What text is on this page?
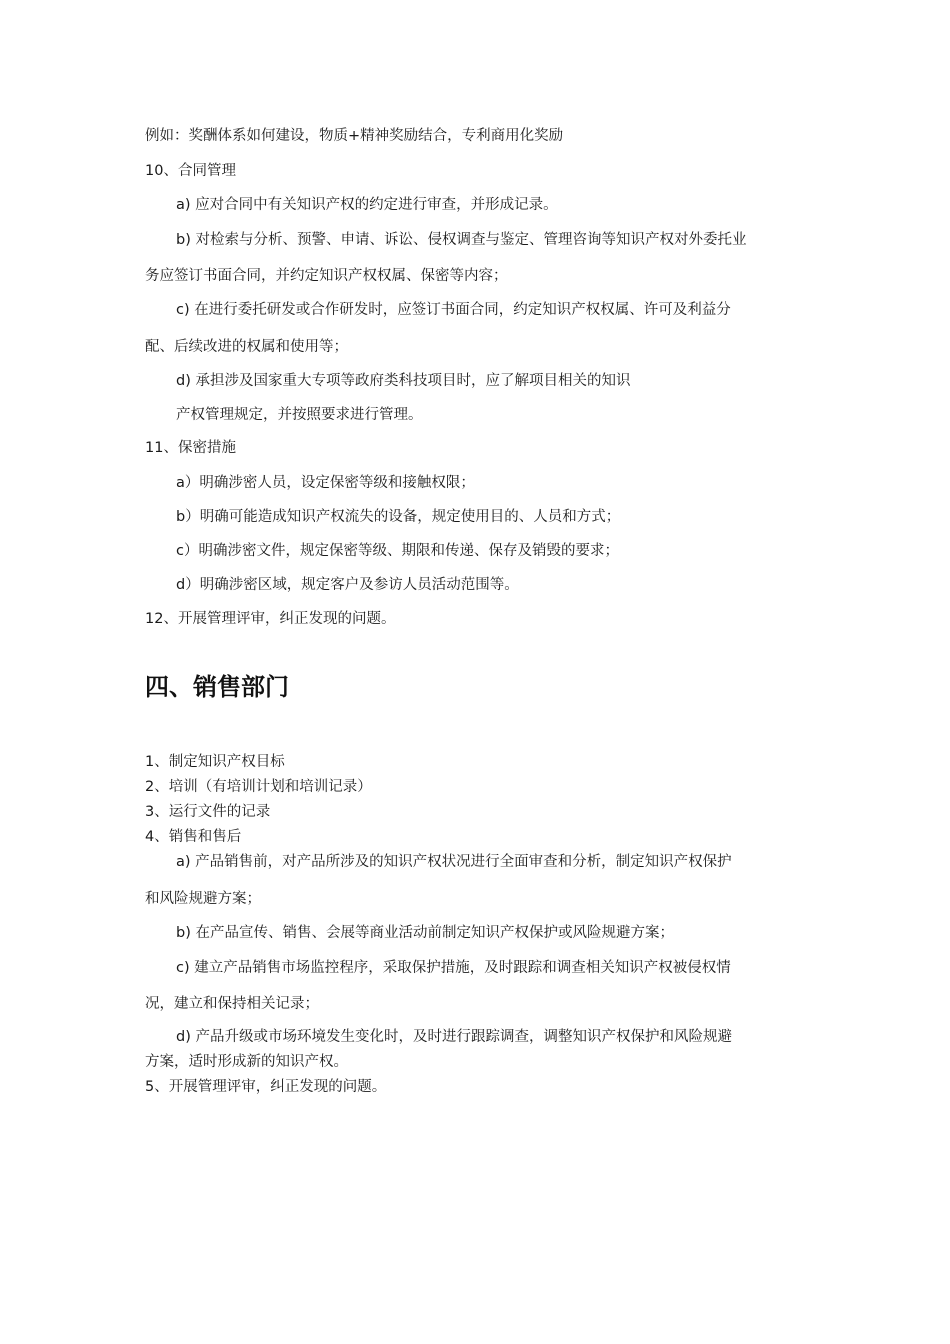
例如：奖酬体系如何建设，物质+精神奖励结合，专利商用化奖励
10、合同管理
a) 应对合同中有关知识产权的约定进行审查，并形成记录。
b) 对检索与分析、预警、申请、诉讼、侵权调查与鉴定、管理咨询等知识产权对外委托业
务应签订书面合同，并约定知识产权权属、保密等内容；
c) 在进行委托研发或合作研发时，应签订书面合同，约定知识产权权属、许可及利益分
配、后续改进的权属和使用等；
d) 承担涉及国家重大专项等政府类科技项目时，应了解项目相关的知识
产权管理规定，并按照要求进行管理。
11、保密措施
a）明确涉密人员，设定保密等级和接触权限；
b）明确可能造成知识产权流失的设备，规定使用目的、人员和方式；
c）明确涉密文件，规定保密等级、期限和传递、保存及销毁的要求；
d）明确涉密区域，规定客户及参访人员活动范围等。
12、开展管理评审，纠正发现的问题。
四、销售部门
1、制定知识产权目标
2、培训（有培训计划和培训记录）
3、运行文件的记录
4、销售和售后
a) 产品销售前，对产品所涉及的知识产权状况进行全面审查和分析，制定知识产权保护
和风险规避方案；
b) 在产品宣传、销售、会展等商业活动前制定知识产权保护或风险规避方案；
c) 建立产品销售市场监控程序，采取保护措施，及时跟踪和调查相关知识产权被侵权情
况，建立和保持相关记录；
d) 产品升级或市场环境发生变化时，及时进行跟踪调查，调整知识产权保护和风险规避
方案，适时形成新的知识产权。
5、开展管理评审，纠正发现的问题。
